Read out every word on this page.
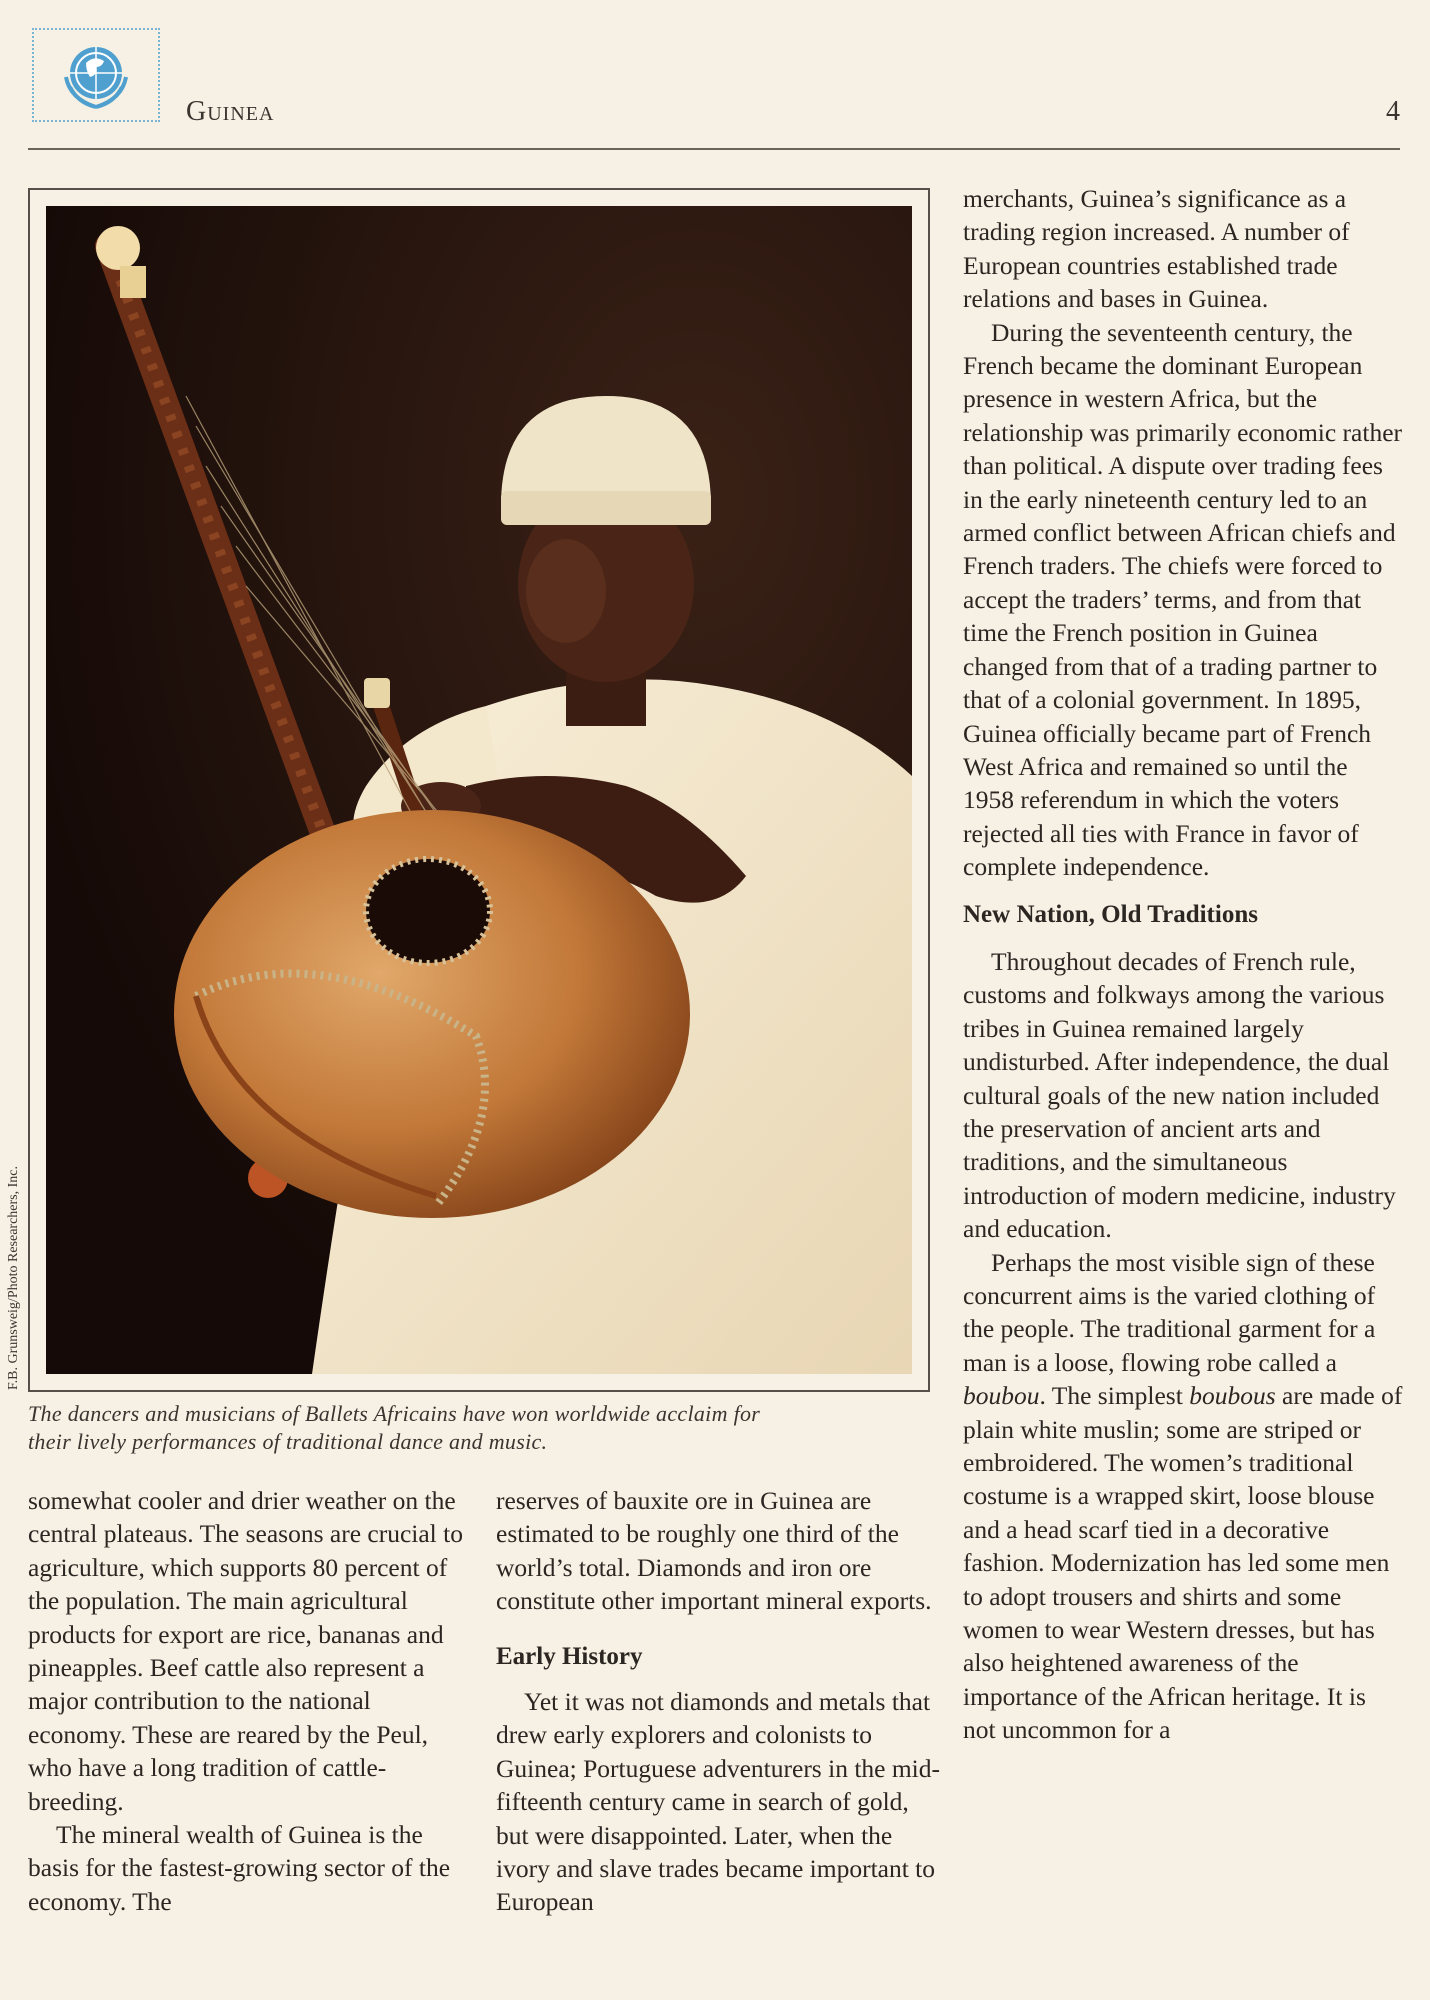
Guinea	4
F.B. Grunsweig/Photo Researchers, Inc.
The dancers and musicians of Ballets Africains have won worldwide acclaim for
their lively performances of traditional dance and music.

somewhat cooler and drier weather on the central plateaus. The seasons are crucial to agriculture, which supports 80 percent of the population. The main agricultural products for export are rice, bananas and pineapples. Beef cattle also represent a major contribution to the national economy. These are reared by the Peul, who have a long tradition of cattle-breeding.

The mineral wealth of Guinea is the basis for the fastest-growing sector of the economy. The

reserves of bauxite ore in Guinea are estimated to be roughly one third of the world’s total. Diamonds and iron ore constitute other important mineral exports.

Early History

Yet it was not diamonds and metals that drew early explorers and colonists to Guinea; Portuguese adventurers in the mid-fifteenth century came in search of gold, but were disappointed. Later, when the ivory and slave trades became important to European

merchants, Guinea’s significance as a trading region increased. A number of European countries established trade relations and bases in Guinea.

During the seventeenth century, the French became the dominant European presence in western Africa, but the relationship was primarily economic rather than political. A dispute over trading fees in the early nineteenth century led to an armed conflict between African chiefs and French traders. The chiefs were forced to accept the traders’ terms, and from that time the French position in Guinea changed from that of a trading partner to that of a colonial government. In 1895, Guinea officially became part of French West Africa and remained so until the 1958 referendum in which the voters rejected all ties with France in favor of complete independence.

New Nation, Old Traditions

Throughout decades of French rule, customs and folkways among the various tribes in Guinea remained largely undisturbed. After independence, the dual cultural goals of the new nation included the preservation of ancient arts and traditions, and the simultaneous introduction of modern medicine, industry and education.

Perhaps the most visible sign of these concurrent aims is the varied clothing of the people. The traditional garment for a man is a loose, flowing robe called a boubou. The simplest boubous are made of plain white muslin; some are striped or embroidered. The women’s traditional costume is a wrapped skirt, loose blouse and a head scarf tied in a decorative fashion. Modernization has led some men to adopt trousers and shirts and some women to wear Western dresses, but has also heightened awareness of the importance of the African heritage. It is not uncommon for a
